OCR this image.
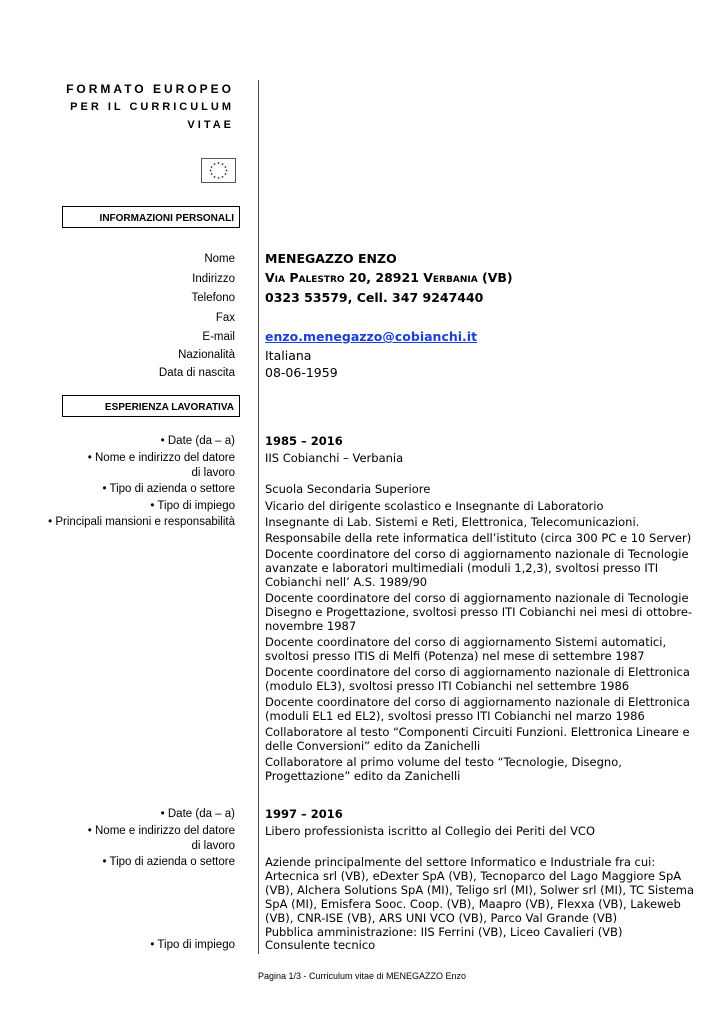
FORMATO EUROPEO
PER IL CURRICULUM
VITAE
INFORMAZIONI PERSONALI
Nome
Indirizzo
Telefono
Fax
E-mail
Nazionalità
Data di nascita
MENEGAZZO ENZO
Via Palestro 20, 28921 Verbania (VB)
0323 53579, Cell. 347 9247440
enzo.menegazzo@cobianchi.it
Italiana
08-06-1959
ESPERIENZA LAVORATIVA
• Date (da – a)
• Nome e indirizzo del datore di lavoro
• Tipo di azienda o settore
• Tipo di impiego
• Principali mansioni e responsabilità
1985 – 2016
IIS Cobianchi – Verbania
Scuola Secondaria Superiore
Vicario del dirigente scolastico e Insegnante di Laboratorio
Insegnante di Lab. Sistemi e Reti, Elettronica, Telecomunicazioni.
Responsabile della rete informatica dell’istituto (circa 300 PC e 10 Server)
Docente coordinatore del corso di aggiornamento nazionale di Tecnologie avanzate e laboratori multimediali (moduli 1,2,3), svoltosi presso ITI Cobianchi nell’ A.S. 1989/90
Docente coordinatore del corso di aggiornamento nazionale di Tecnologie Disegno e Progettazione, svoltosi presso ITI Cobianchi nei mesi di ottobre-novembre 1987
Docente coordinatore del corso di aggiornamento Sistemi automatici, svoltosi presso ITIS di Melfi (Potenza) nel mese di settembre 1987
Docente coordinatore del corso di aggiornamento nazionale di Elettronica (modulo EL3), svoltosi presso ITI Cobianchi nel settembre 1986
Docente coordinatore del corso di aggiornamento nazionale di Elettronica (moduli EL1 ed EL2), svoltosi presso ITI Cobianchi nel marzo 1986
Collaboratore al testo “Componenti Circuiti Funzioni. Elettronica Lineare e delle Conversioni” edito da Zanichelli
Collaboratore al primo volume del testo “Tecnologie, Disegno, Progettazione” edito da Zanichelli
• Date (da – a)
• Nome e indirizzo del datore di lavoro
• Tipo di azienda o settore
• Tipo di impiego
1997 – 2016
Libero professionista iscritto al Collegio dei Periti del VCO
Aziende principalmente del settore Informatico e Industriale fra cui: Artecnica srl (VB), eDexter SpA (VB), Tecnoparco del Lago Maggiore SpA (VB), Alchera Solutions SpA (MI), Teligo srl (MI), Solwer srl (MI), TC Sistema SpA (MI), Emisfera Sooc. Coop. (VB), Maapro (VB), Flexxa (VB), Lakeweb (VB), CNR-ISE (VB), ARS UNI VCO (VB), Parco Val Grande (VB)
Pubblica amministrazione: IIS Ferrini (VB), Liceo Cavalieri (VB)
Consulente tecnico
Pagina 1/3 - Curriculum vitae di MENEGAZZO Enzo
